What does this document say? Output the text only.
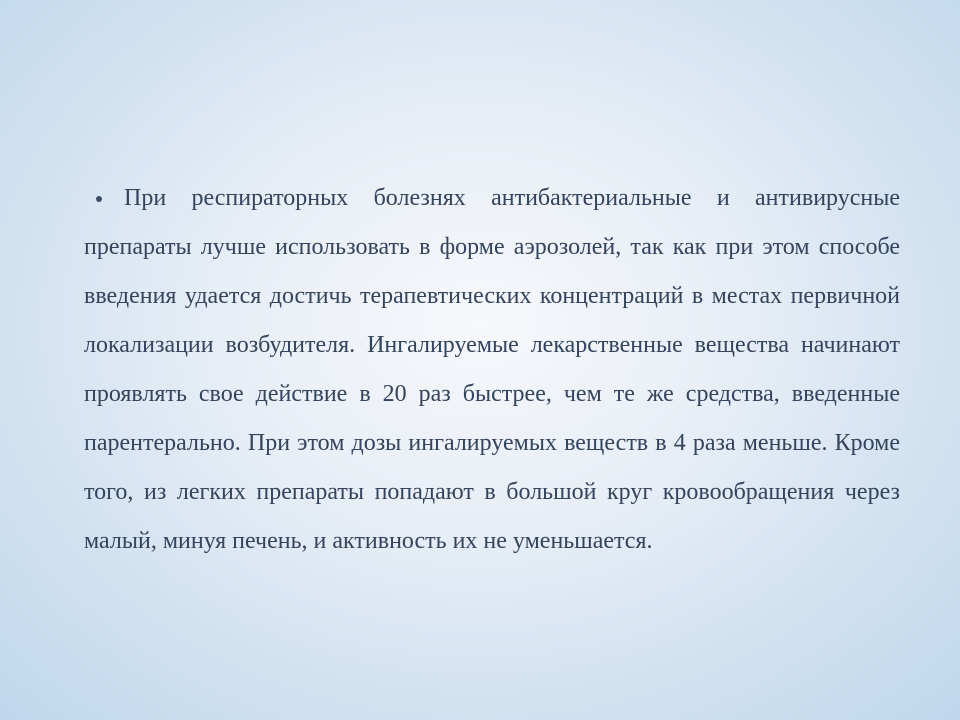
При респираторных болезнях антибактериальные и антивирусные препараты лучше использовать в форме аэрозолей, так как при этом способе введения удается достичь терапевтических концентраций в местах первичной локализации возбудителя. Ингалируемые лекарственные вещества начинают проявлять свое действие в 20 раз быстрее, чем те же средства, введенные парентерально. При этом дозы ингалируемых веществ в 4 раза меньше. Кроме того, из легких препараты попадают в большой круг кровообращения через малый, минуя печень, и активность их не уменьшается.
